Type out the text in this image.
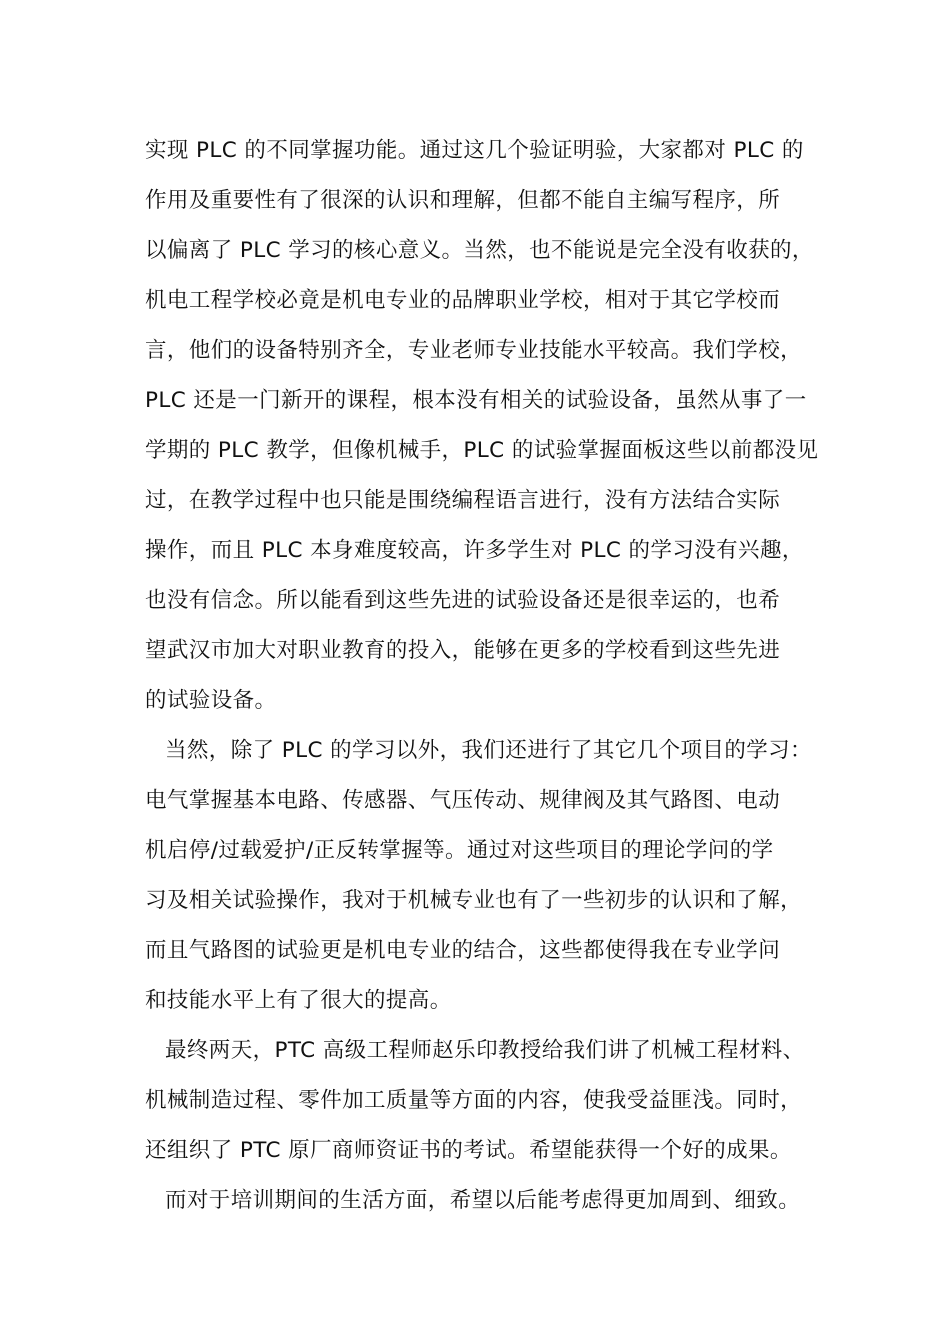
实现 PLC 的不同掌握功能。通过这几个验证明验，大家都对 PLC 的
作用及重要性有了很深的认识和理解，但都不能自主编写程序，所
以偏离了 PLC 学习的核心意义。当然，也不能说是完全没有收获的，
机电工程学校必竟是机电专业的品牌职业学校，相对于其它学校而
言，他们的设备特别齐全，专业老师专业技能水平较高。我们学校，
PLC 还是一门新开的课程，根本没有相关的试验设备，虽然从事了一
学期的 PLC 教学，但像机械手，PLC 的试验掌握面板这些以前都没见
过，在教学过程中也只能是围绕编程语言进行，没有方法结合实际
操作，而且 PLC 本身难度较高，许多学生对 PLC 的学习没有兴趣，
也没有信念。所以能看到这些先进的试验设备还是很幸运的，也希
望武汉市加大对职业教育的投入，能够在更多的学校看到这些先进
的试验设备。
当然，除了 PLC 的学习以外，我们还进行了其它几个项目的学习：
电气掌握基本电路、传感器、气压传动、规律阀及其气路图、电动
机启停/过载爱护/正反转掌握等。通过对这些项目的理论学问的学
习及相关试验操作，我对于机械专业也有了一些初步的认识和了解，
而且气路图的试验更是机电专业的结合，这些都使得我在专业学问
和技能水平上有了很大的提高。
最终两天，PTC 高级工程师赵乐印教授给我们讲了机械工程材料、
机械制造过程、零件加工质量等方面的内容，使我受益匪浅。同时，
还组织了 PTC 原厂商师资证书的考试。希望能获得一个好的成果。
而对于培训期间的生活方面，希望以后能考虑得更加周到、细致。
